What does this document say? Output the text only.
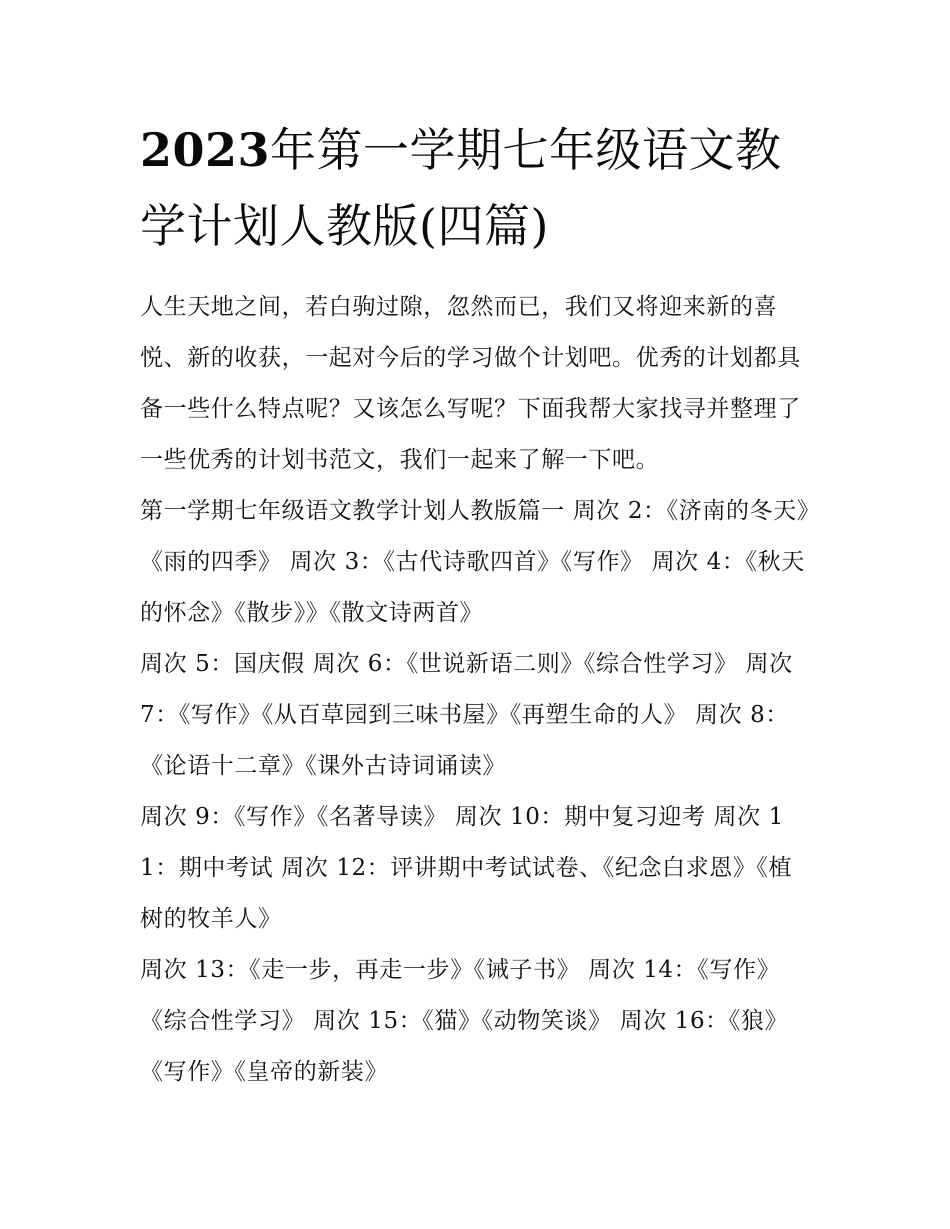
2023年第一学期七年级语文教学计划人教版(四篇)

人生天地之间，若白驹过隙，忽然而已，我们又将迎来新的喜悦、新的收获，一起对今后的学习做个计划吧。优秀的计划都具备一些什么特点呢？又该怎么写呢？下面我帮大家找寻并整理了一些优秀的计划书范文，我们一起来了解一下吧。

第一学期七年级语文教学计划人教版篇一 周次 2：《济南的冬天》《雨的四季》 周次 3：《古代诗歌四首》《写作》 周次 4：《秋天的怀念》《散步》》《散文诗两首》

周次 5：国庆假 周次 6：《世说新语二则》《综合性学习》 周次 7：《写作》《从百草园到三味书屋》《再塑生命的人》 周次 8：《论语十二章》《课外古诗词诵读》

周次 9：《写作》《名著导读》 周次 10：期中复习迎考 周次 11：期中考试 周次 12：评讲期中考试试卷、《纪念白求恩》《植树的牧羊人》

周次 13：《走一步，再走一步》《诫子书》 周次 14：《写作》《综合性学习》 周次 15：《猫》《动物笑谈》 周次 16：《狼》《写作》《皇帝的新装》
